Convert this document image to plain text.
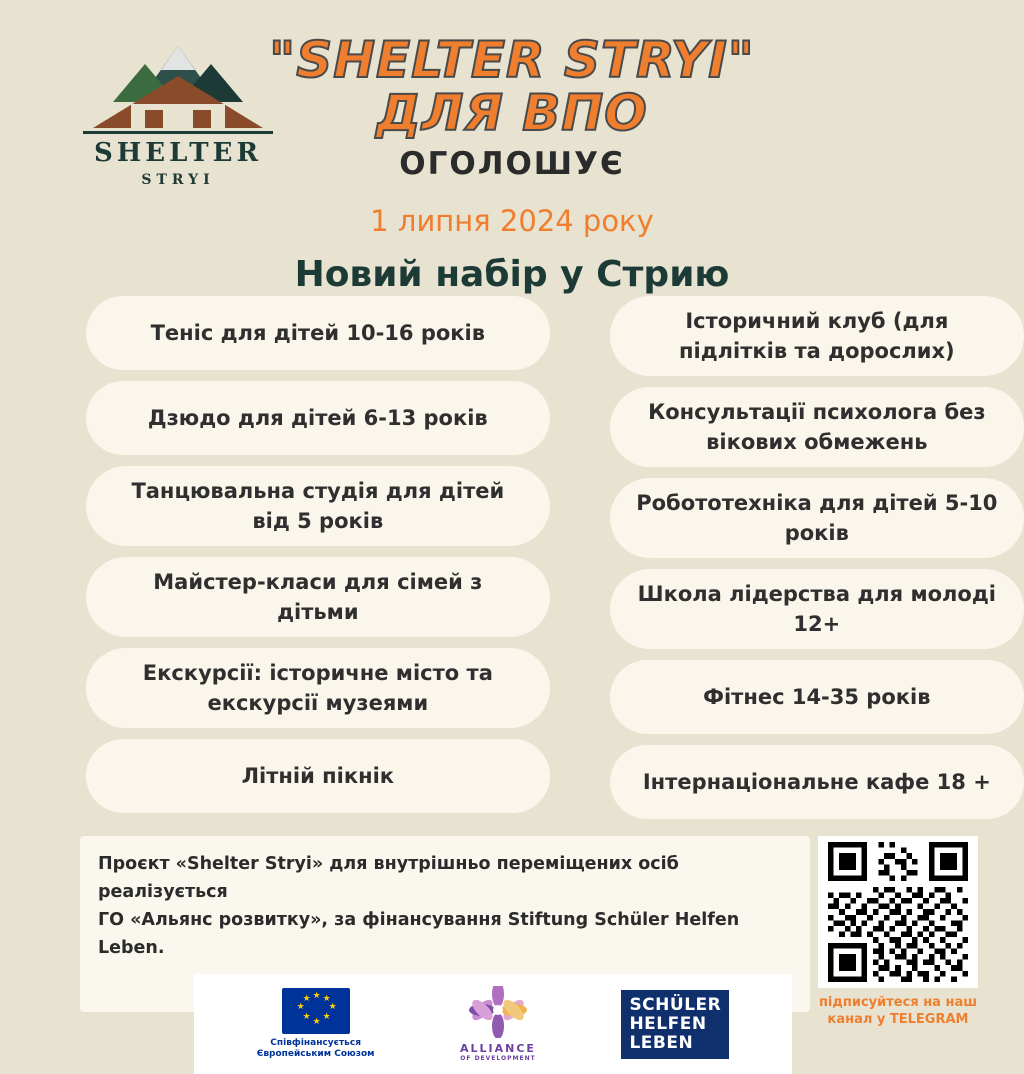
SHELTER
STRYI
"SHELTER STRYI"
ДЛЯ ВПО
ОГОЛОШУЄ
1 липня 2024 року
Новий набір у Стрию
Теніс для дітей 10-16 років
Дзюдо для дітей 6-13 років
Танцювальна студія для дітей від 5 років
Майстер-класи для сімей з дітьми
Екскурсії: історичне місто та екскурсії музеями
Літній пікнік
Історичний клуб (для підлітків та дорослих)
Консультації психолога без вікових обмежень
Робототехніка для дітей 5-10 років
Школа лідерства для молоді 12+
Фітнес 14-35 років
Інтернаціональне кафе 18 +

Проєкт «Shelter Stryi» для внутрішньо переміщених осіб реалізується

ГО «Альянс розвитку», за фінансування Stiftung Schüler Helfen Leben.

★ ★
★
★
★
★
★
★
Співфінансується
Європейським Союзом	ALLIANCE
OF DEVELOPMENT
SCHÜLER
HELFEN
LEBEN
підписуйтеся на наш
канал у TELEGRAM
